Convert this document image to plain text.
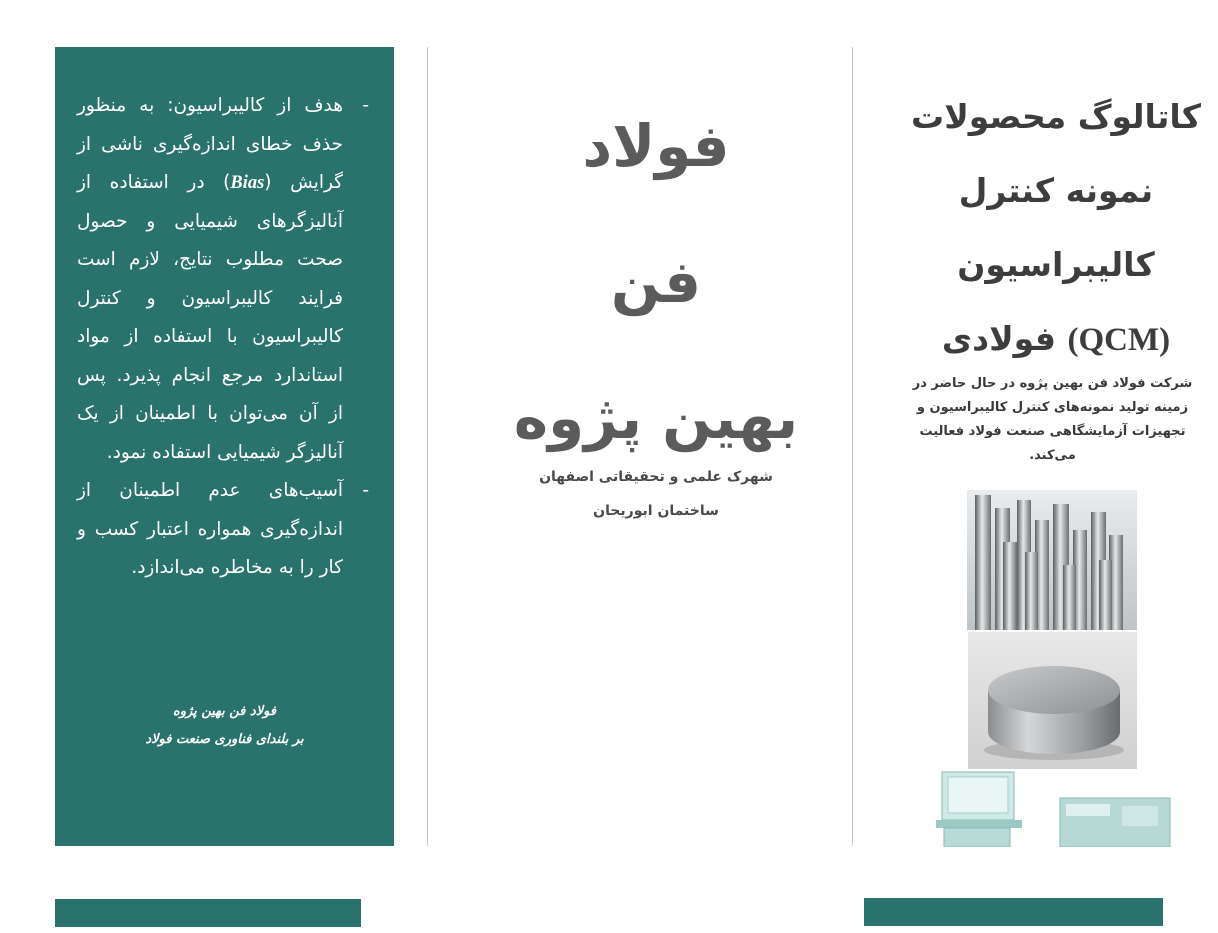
-
هدف از کالیبراسیون: به منظور حذف خطای اندازه‌گیری ناشی از گرایش (Bias) در استفاده از آنالیزگرهای شیمیایی و حصول صحت مطلوب نتایج، لازم است فرایند کالیبراسیون و کنترل کالیبراسیون با استفاده از مواد استاندارد مرجع انجام پذیرد. پس از آن می‌توان با اطمینان از یک آنالیزگر شیمیایی استفاده نمود.

-
آسیب‌های عدم اطمینان از اندازه‌گیری همواره اعتبار کسب و کار را به مخاطره می‌اندازد.

فولاد فن بهین پژوه
بر بلندای فناوری صنعت فولاد
فولاد
فن
بهین پژوه
شهرک علمی و تحقیقاتی اصفهان
ساختمان ابوریحان
کاتالوگ محصولات
نمونه کنترل
کالیبراسیون
(QCM) فولادی
شرکت فولاد فن بهین پژوه در حال حاضر در زمینه تولید نمونه‌های کنترل کالیبراسیون و تجهیزات آزمایشگاهی صنعت فولاد فعالیت می‌کند.
